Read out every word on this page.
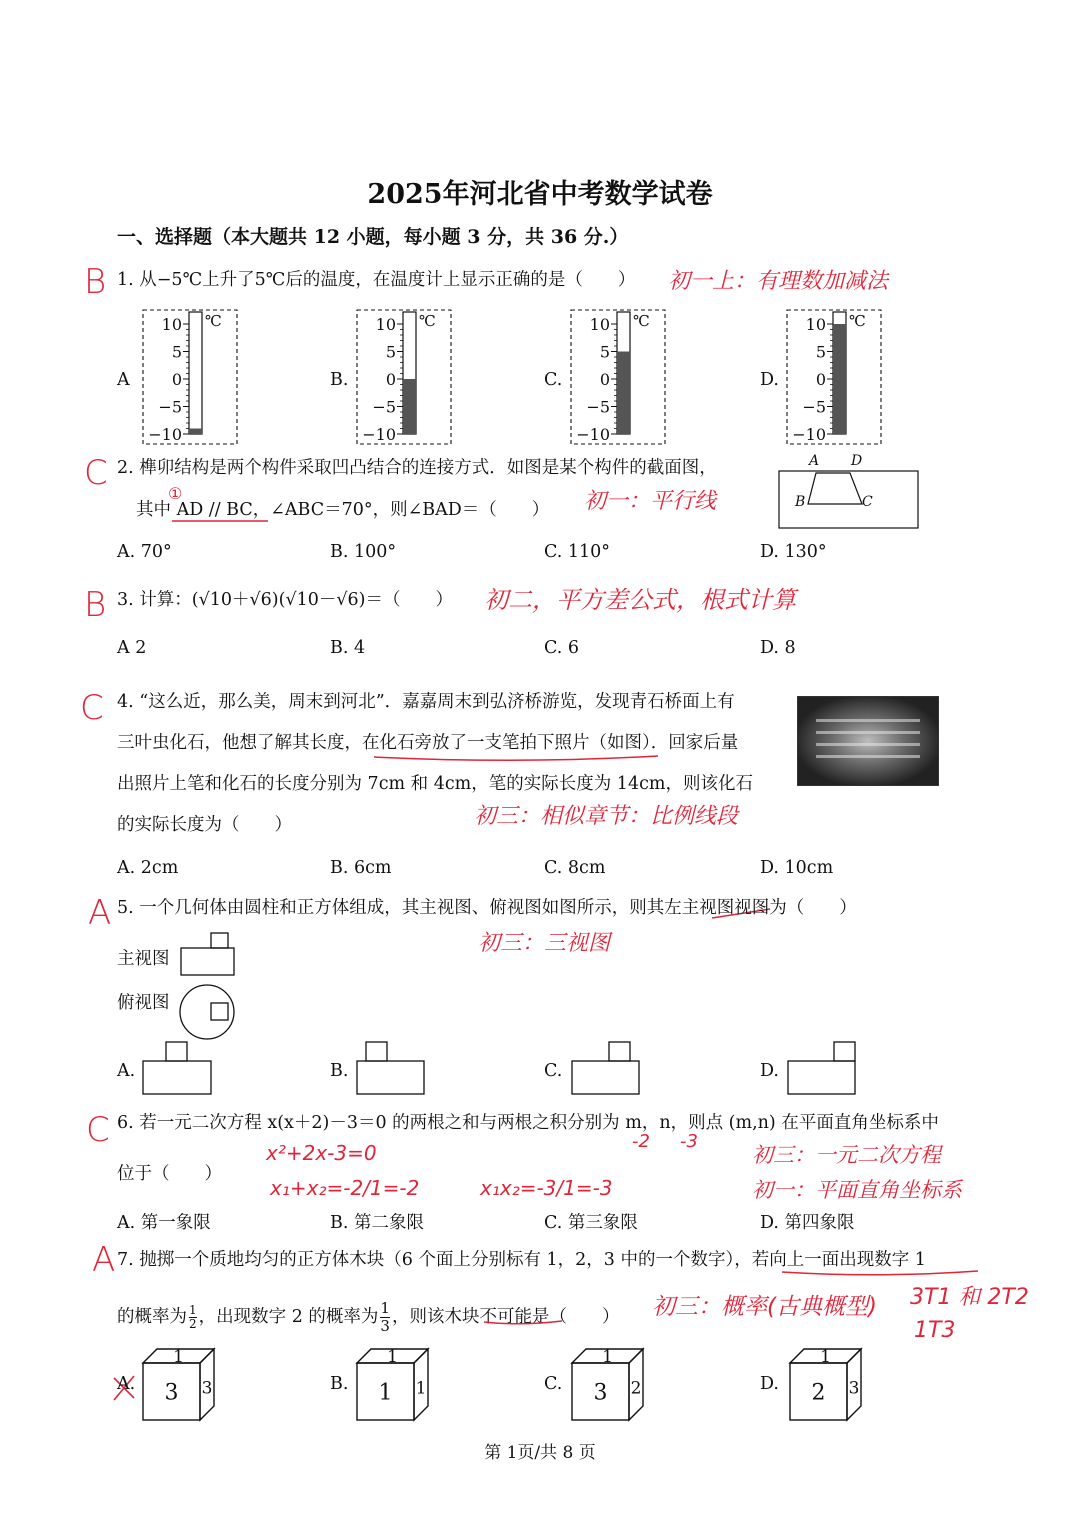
2025年河北省中考数学试卷
一、选择题（本大题共 12 小题，每小题 3 分，共 36 分.）
B
C
B
C
A
C
A
1. 从−5℃上升了5℃后的温度，在温度计上显示正确的是（　　） 初一上：有理数加减法
A	B.	C.	D.
10
5
0
−5
−10
℃	10
5
0
−5
−10
℃	10
5
0
−5
−10
℃	10
5
0
−5
−10
℃
2. 榫卯结构是两个构件采取凹凸结合的连接方式．如图是某个构件的截面图，
其中 AD // BC，∠ABC＝70°，则∠BAD＝（　　）
①	初一：平行线
A D
B	C
A. 70°	B. 100°	C. 110°	D. 130°
3. 计算：(√10＋√6)(√10－√6)＝（　　） 初二，平方差公式，根式计算
A 2	B. 4	C. 6	D. 8
4. “这么近，那么美，周末到河北”．嘉嘉周末到弘济桥游览，发现青石桥面上有
三叶虫化石，他想了解其长度，在化石旁放了一支笔拍下照片（如图）．回家后量
出照片上笔和化石的长度分别为 7cm 和 4cm，笔的实际长度为 14cm，则该化石
的实际长度为（　　）	初三：相似章节：比例线段
A. 2cm	B. 6cm	C. 8cm	D. 10cm
5. 一个几何体由圆柱和正方体组成，其主视图、俯视图如图所示，则其左主视图视图为（　　）
初三：三视图
主视图
俯视图
A.	B.	C.	D.
6. 若一元二次方程 x(x＋2)－3＝0 的两根之和与两根之积分别为 m，n，则点 (m,n) 在平面直角坐标系中
-2 -3
位于（　　）
x²+2x-3=0
x₁+x₂=-2/1=-2	x₁x₂=-3/1=-3
初三：一元二次方程
初一：平面直角坐标系
A. 第一象限	B. 第二象限	C. 第三象限	D. 第四象限
7. 抛掷一个质地均匀的正方体木块（6 个面上分别标有 1，2，3 中的一个数字），若向上一面出现数字 1
的概率为 $\frac{1}{2}$ ，出现数字 2 的概率为 $\frac{1}{3}$ ，则该木块不可能是（　　） 初三：概率(古典概型) 3T1 和 2T2
1T3
A.	B.	C.	D.
1
3 3
1
1 1
1
3 2
1
2 3
第 1页/共 8 页
